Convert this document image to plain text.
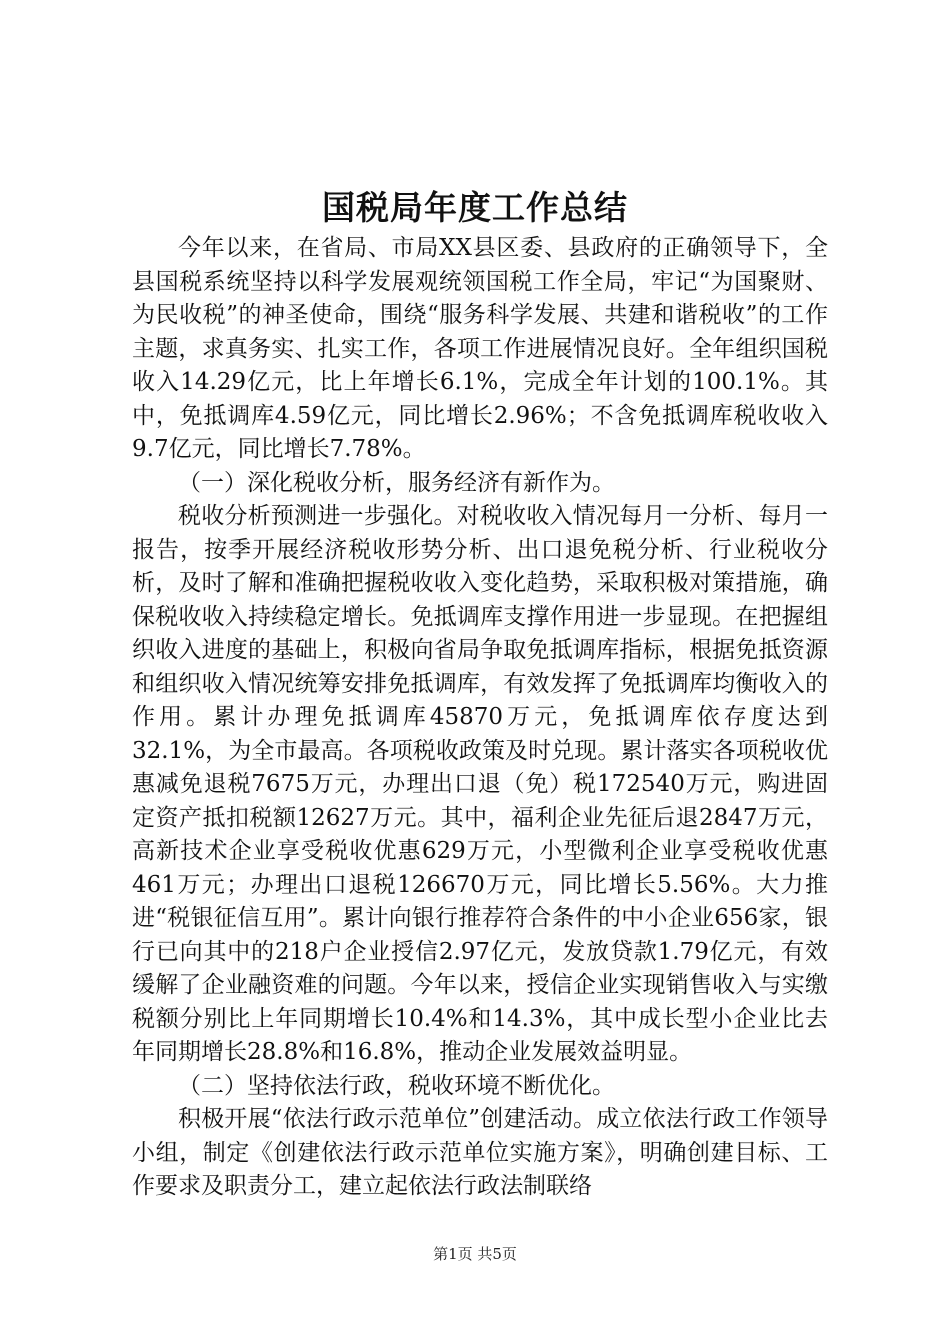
国税局年度工作总结

今年以来，在省局、市局XX县区委、县政府的正确领导下，全县国税系统坚持以科学发展观统领国税工作全局，牢记“为国聚财、为民收税”的神圣使命，围绕“服务科学发展、共建和谐税收”的工作主题，求真务实、扎实工作，各项工作进展情况良好。全年组织国税收入14.29亿元，比上年增长6.1%，完成全年计划的100.1%。其中，免抵调库4.59亿元，同比增长2.96%；不含免抵调库税收收入9.7亿元，同比增长7.78%。

（一）深化税收分析，服务经济有新作为。

税收分析预测进一步强化。对税收收入情况每月一分析、每月一报告，按季开展经济税收形势分析、出口退免税分析、行业税收分析，及时了解和准确把握税收收入变化趋势，采取积极对策措施，确保税收收入持续稳定增长。免抵调库支撑作用进一步显现。在把握组织收入进度的基础上，积极向省局争取免抵调库指标，根据免抵资源和组织收入情况统筹安排免抵调库，有效发挥了免抵调库均衡收入的作用。累计办理免抵调库45870万元，免抵调库依存度达到32.1%，为全市最高。各项税收政策及时兑现。累计落实各项税收优惠减免退税7675万元，办理出口退（免）税172540万元，购进固定资产抵扣税额12627万元。其中，福利企业先征后退2847万元，高新技术企业享受税收优惠629万元，小型微利企业享受税收优惠461万元；办理出口退税126670万元，同比增长5.56%。大力推进“税银征信互用”。累计向银行推荐符合条件的中小企业656家，银行已向其中的218户企业授信2.97亿元，发放贷款1.79亿元，有效缓解了企业融资难的问题。今年以来，授信企业实现销售收入与实缴税额分别比上年同期增长10.4%和14.3%，其中成长型小企业比去年同期增长28.8%和16.8%，推动企业发展效益明显。

（二）坚持依法行政，税收环境不断优化。

积极开展“依法行政示范单位”创建活动。成立依法行政工作领导小组，制定《创建依法行政示范单位实施方案》，明确创建目标、工作要求及职责分工，建立起依法行政法制联络

第1页 共5页
